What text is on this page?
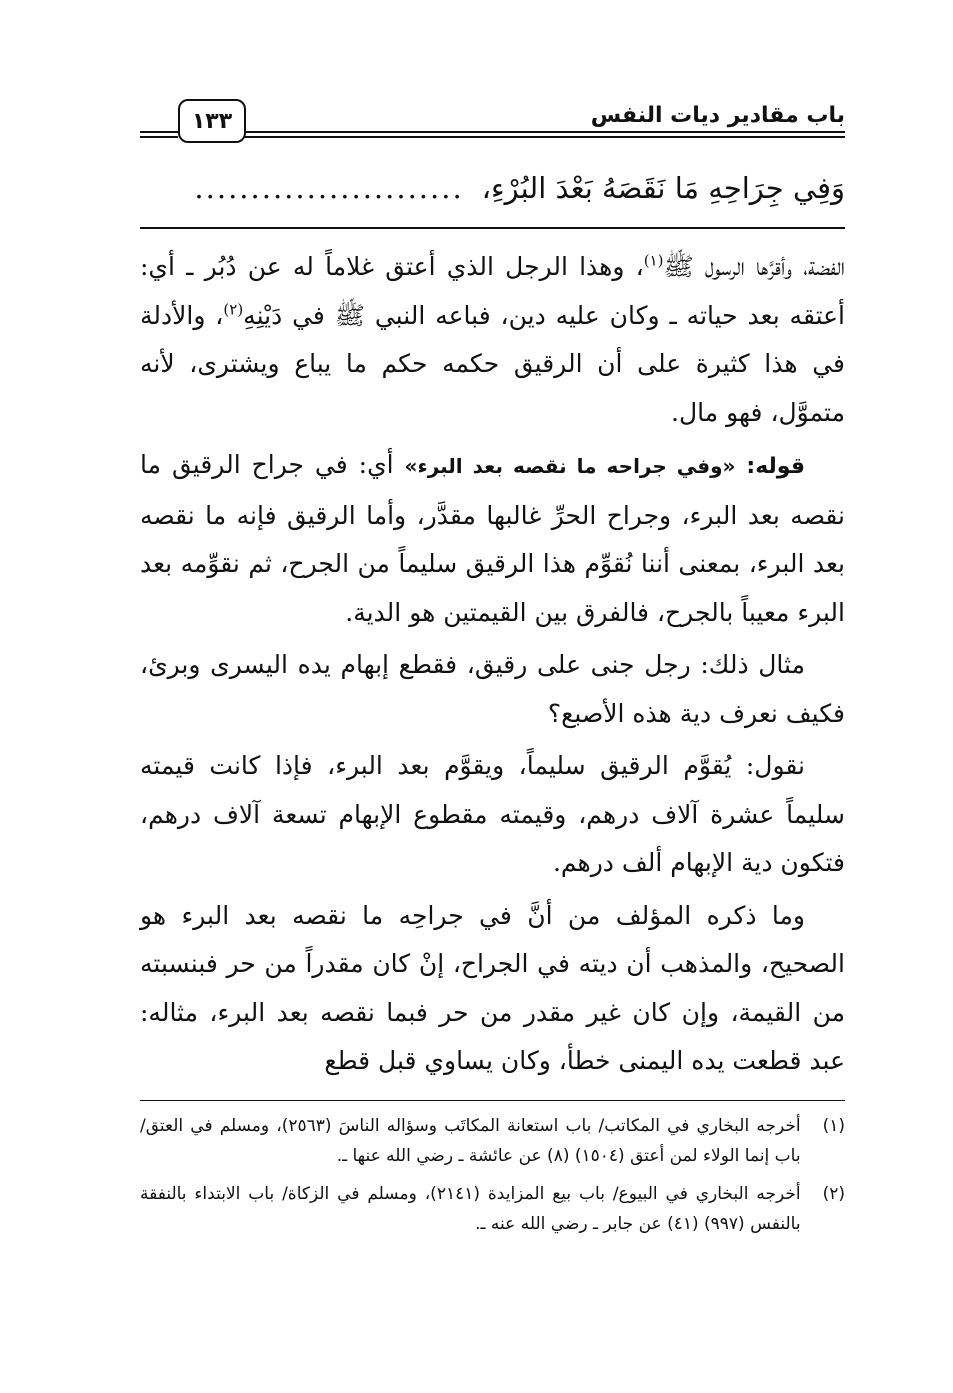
باب مقادير ديات النفس
١٣٣
وَفِي جِرَاحِهِ مَا نَقَصَهُ بَعْدَ البُرْءِ،
........................

الفضة، وأقرَّها الرسول ﷺ$^{(١)}$، وهذا الرجل الذي أعتق غلاماً له عن دُبُر ـ أي: أعتقه بعد حياته ـ وكان عليه دين، فباعه النبي ﷺ في دَيْنِهِ$^{(٢)}$، والأدلة في هذا كثيرة على أن الرقيق حكمه حكم ما يباع ويشترى، لأنه متموَّل، فهو مال.

قوله: «وفي جراحه ما نقصه بعد البرء» أي: في جراح الرقيق ما نقصه بعد البرء، وجراح الحرِّ غالبها مقدَّر، وأما الرقيق فإنه ما نقصه بعد البرء، بمعنى أننا نُقوِّم هذا الرقيق سليماً من الجرح، ثم نقوِّمه بعد البرء معيباً بالجرح، فالفرق بين القيمتين هو الدية.

مثال ذلك: رجل جنى على رقيق، فقطع إبهام يده اليسرى وبرئ، فكيف نعرف دية هذه الأصبع؟

نقول: يُقوَّم الرقيق سليماً، ويقوَّم بعد البرء، فإذا كانت قيمته سليماً عشرة آلاف درهم، وقيمته مقطوع الإبهام تسعة آلاف درهم، فتكون دية الإبهام ألف درهم.

وما ذكره المؤلف من أنَّ في جراحِه ما نقصه بعد البرء هو الصحيح، والمذهب أن ديته في الجراح، إنْ كان مقدراً من حر فبنسبته من القيمة، وإن كان غير مقدر من حر فبما نقصه بعد البرء، مثاله: عبد قطعت يده اليمنى خطأ، وكان يساوي قبل قطع

(١)
أخرجه البخاري في المكاتب/ باب استعانة المكاتَب وسؤاله الناسَ (٢٥٦٣)، ومسلم في العتق/ باب إنما الولاء لمن أعتق (١٥٠٤) (٨) عن عائشة ـ رضي الله عنها ـ.
(٢)
أخرجه البخاري في البيوع/ باب بيع المزايدة (٢١٤١)، ومسلم في الزكاة/ باب الابتداء بالنفقة بالنفس (٩٩٧) (٤١) عن جابر ـ رضي الله عنه ـ.
